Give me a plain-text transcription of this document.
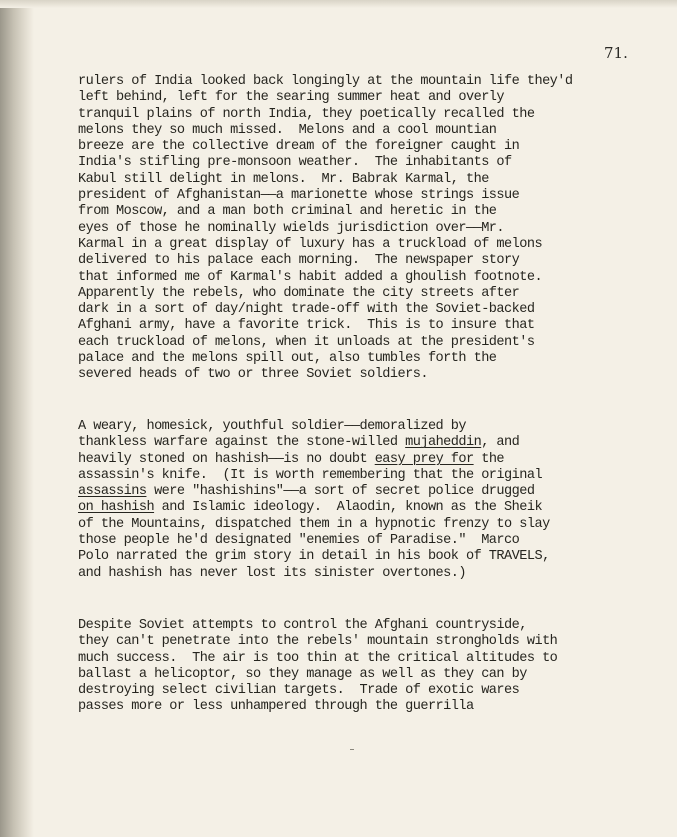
71.

rulers of India looked back longingly at the mountain life they'd
left behind, left for the searing summer heat and overly
tranquil plains of north India, they poetically recalled the
melons they so much missed.  Melons and a cool mountian
breeze are the collective dream of the foreigner caught in
India's stifling pre-monsoon weather.  The inhabitants of
Kabul still delight in melons.  Mr. Babrak Karmal, the
president of Afghanistan——a marionette whose strings issue
from Moscow, and a man both criminal and heretic in the
eyes of those he nominally wields jurisdiction over——Mr.
Karmal in a great display of luxury has a truckload of melons
delivered to his palace each morning.  The newspaper story
that informed me of Karmal's habit added a ghoulish footnote.
Apparently the rebels, who dominate the city streets after
dark in a sort of day/night trade-off with the Soviet-backed
Afghani army, have a favorite trick.  This is to insure that
each truckload of melons, when it unloads at the president's
palace and the melons spill out, also tumbles forth the
severed heads of two or three Soviet soldiers.

A weary, homesick, youthful soldier——demoralized by
thankless warfare against the stone-willed mujaheddin, and
heavily stoned on hashish——is no doubt easy prey for the
assassin's knife.  (It is worth remembering that the original
assassins were "hashishins"——a sort of secret police drugged
on hashish and Islamic ideology.  Alaodin, known as the Sheik
of the Mountains, dispatched them in a hypnotic frenzy to slay
those people he'd designated "enemies of Paradise."  Marco
Polo narrated the grim story in detail in his book of TRAVELS,
and hashish has never lost its sinister overtones.)

Despite Soviet attempts to control the Afghani countryside,
they can't penetrate into the rebels' mountain strongholds with
much success.  The air is too thin at the critical altitudes to
ballast a helicoptor, so they manage as well as they can by
destroying select civilian targets.  Trade of exotic wares
passes more or less unhampered through the guerrilla
